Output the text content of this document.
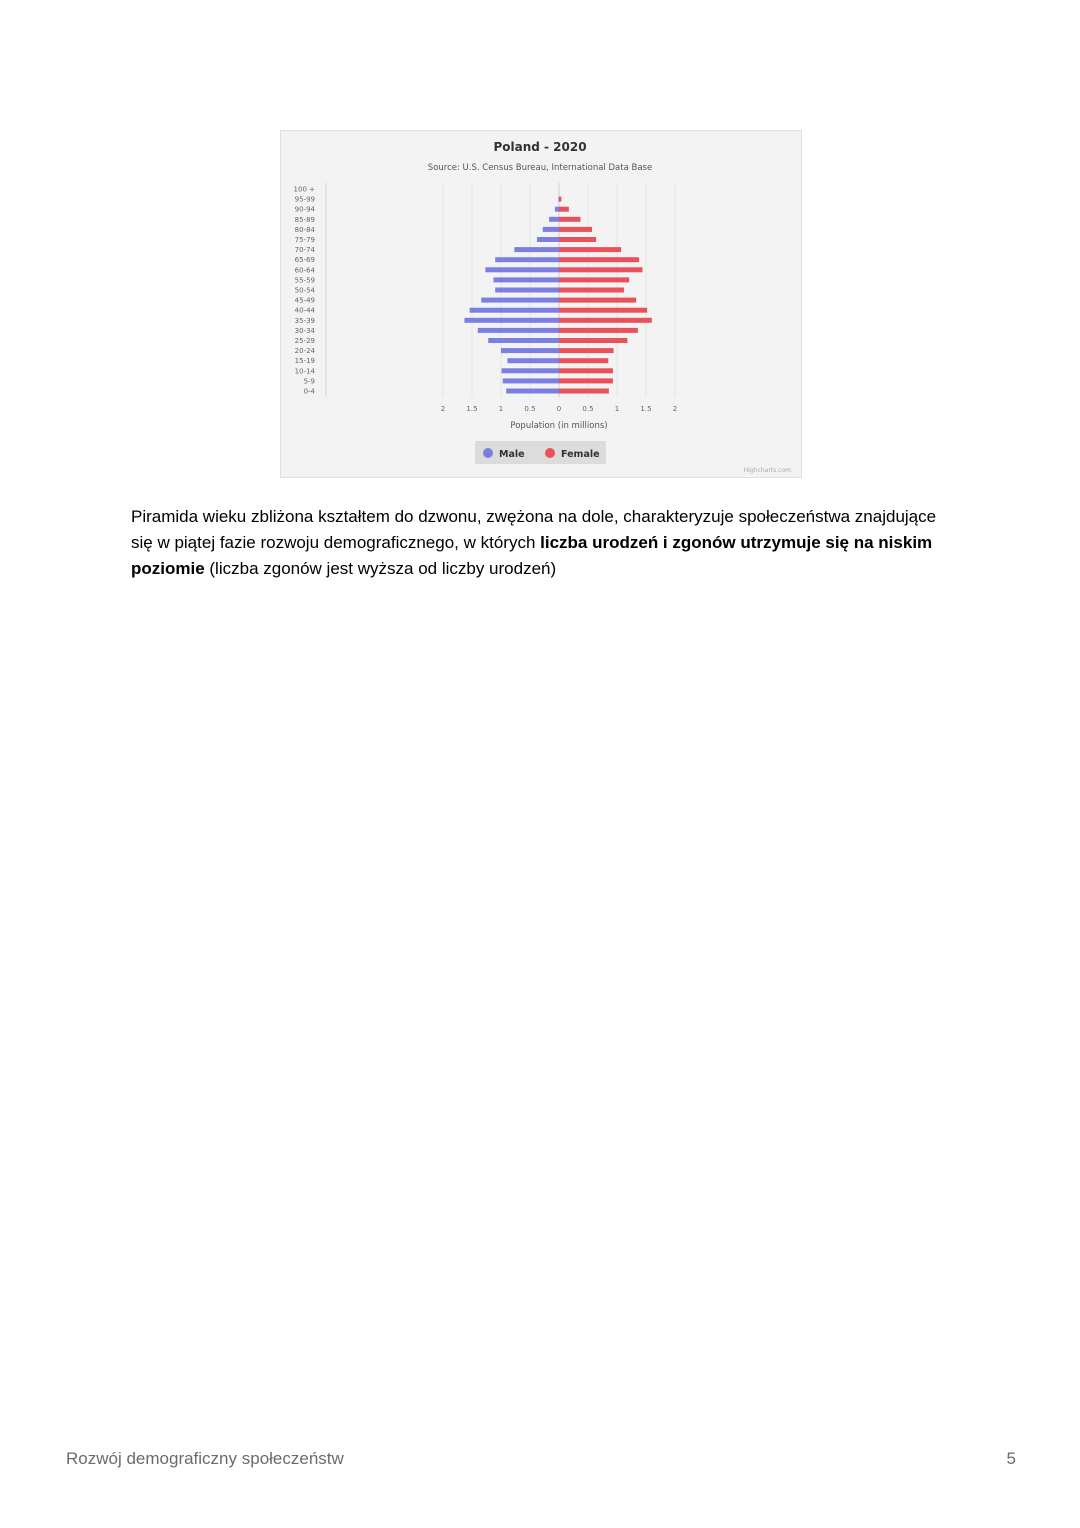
100 +
95-99
90-94
85-89
80-84
75-79
70-74
65-69
60-64
55-59
50-54
45-49
40-44
35-39
30-34
25-29
20-24
15-19
10-14
5-9
0-4
2	1.5	1	0.5	0	0.5	1	1.5	2
Poland - 2020
Source: U.S. Census Bureau, International Data Base
Population (in millions)
Male	Female
Highcharts.com

Piramida wieku zbliżona kształtem do dzwonu, zwężona na dole, charakteryzuje społeczeństwa znajdujące się w piątej fazie rozwoju demograficznego, w których liczba urodzeń i zgonów utrzymuje się na niskim poziomie (liczba zgonów jest wyższa od liczby urodzeń)

Rozwój demograficzny społeczeństw	5
